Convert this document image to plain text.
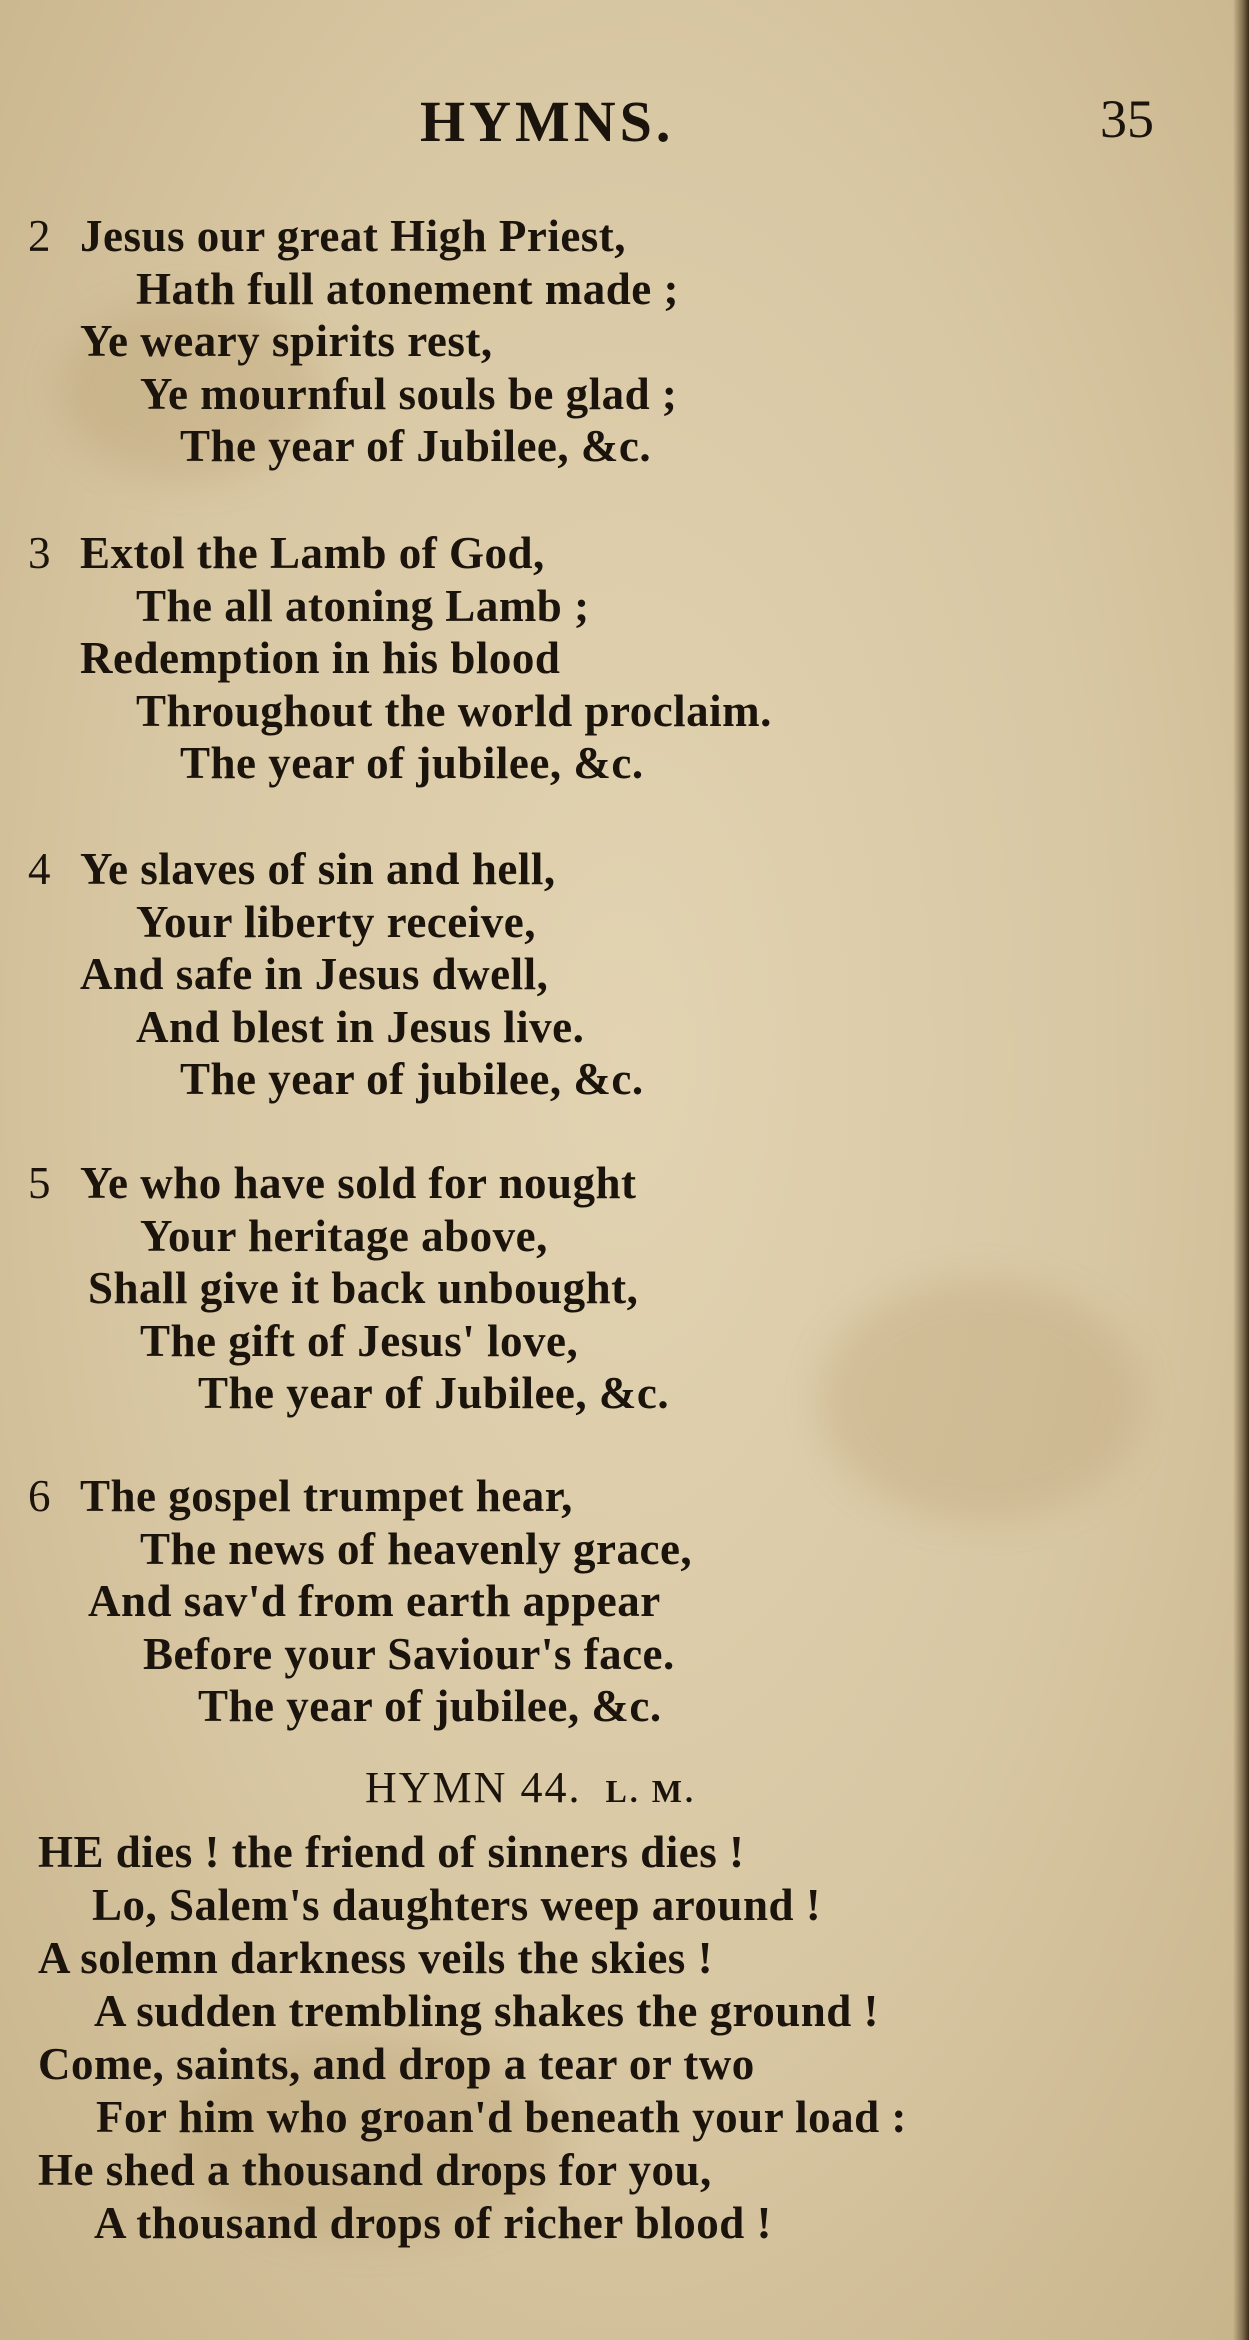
HYMNS.	35
2 Jesus our great High Priest,
Hath full atonement made ;
Ye weary spirits rest,
Ye mournful souls be glad ;
The year of Jubilee, &c.
3 Extol the Lamb of God,
The all atoning Lamb ;
Redemption in his blood
Throughout the world proclaim.
The year of jubilee, &c.
4 Ye slaves of sin and hell,
Your liberty receive,
And safe in Jesus dwell,
And blest in Jesus live.
The year of jubilee, &c.
5 Ye who have sold for nought
Your heritage above,
Shall give it back unbought,
The gift of Jesus' love,
The year of Jubilee, &c.
6 The gospel trumpet hear,
The news of heavenly grace,
And sav'd from earth appear
Before your Saviour's face.
The year of jubilee, &c.
HYMN 44. L. M.
HE dies ! the friend of sinners dies !
Lo, Salem's daughters weep around !
A solemn darkness veils the skies !
A sudden trembling shakes the ground !
Come, saints, and drop a tear or two
For him who groan'd beneath your load :
He shed a thousand drops for you,
A thousand drops of richer blood !
